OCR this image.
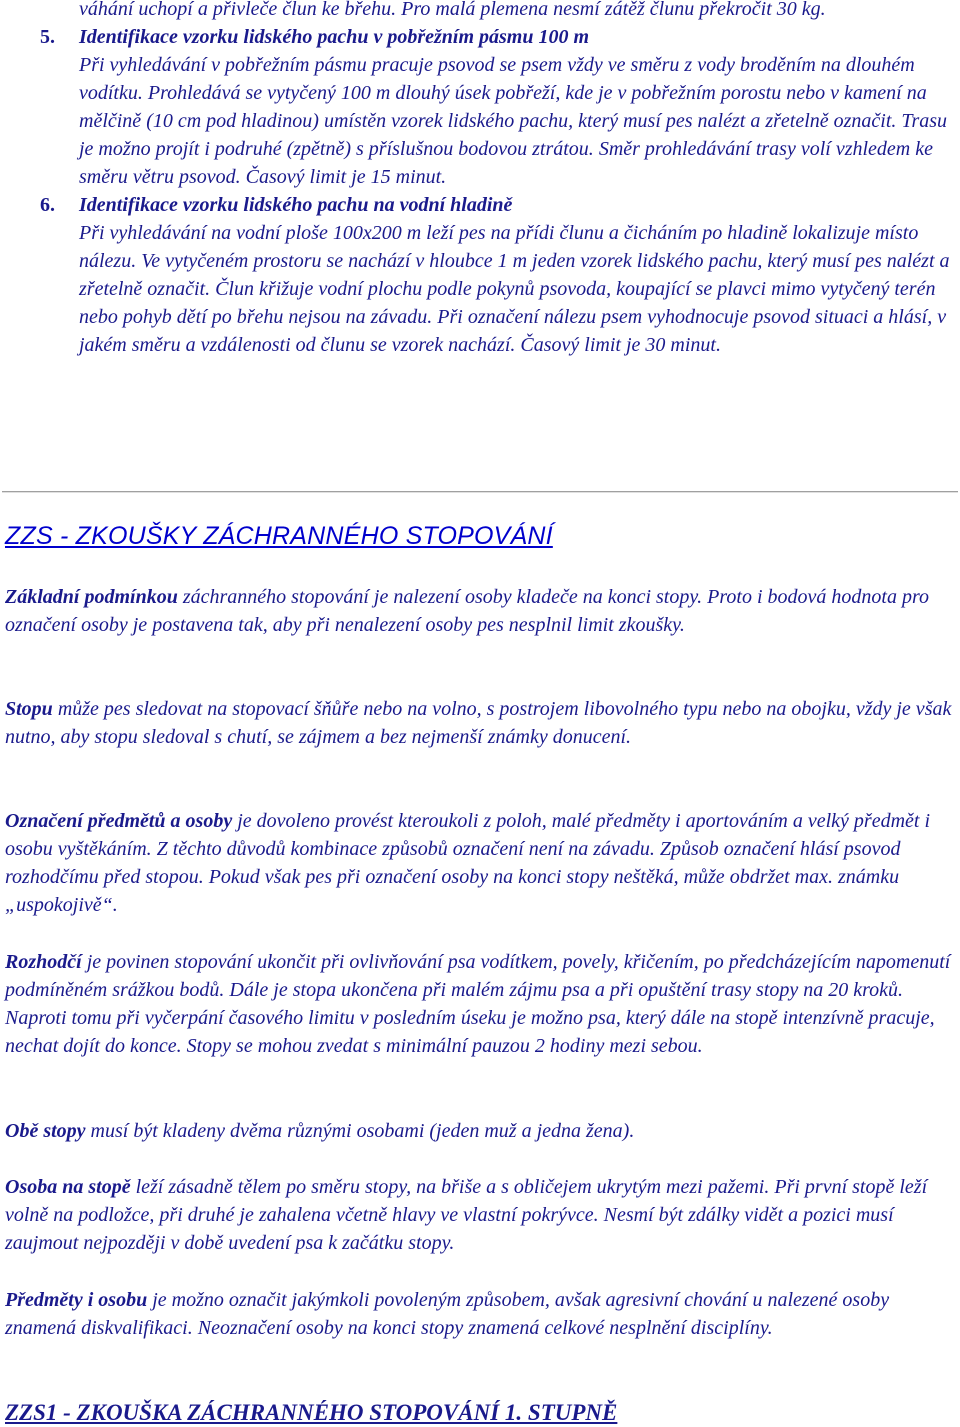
váhání uchopí a přivleče člun ke břehu. Pro malá plemena nesmí zátěž člunu překročit 30 kg.
5. Identifikace vzorku lidského pachu v pobřežním pásmu 100 m
Při vyhledávání v pobřežním pásmu pracuje psovod se psem vždy ve směru z vody broděním na dlouhém vodítku. Prohledává se vytyčený 100 m dlouhý úsek pobřeží, kde je v pobřežním porostu nebo v kamení na mělčině (10 cm pod hladinou) umístěn vzorek lidského pachu, který musí pes nalézt a zřetelně označit. Trasu je možno projít i podruhé (zpětně) s příslušnou bodovou ztrátou. Směr prohledávání trasy volí vzhledem ke směru větru psovod. Časový limit je 15 minut.
6. Identifikace vzorku lidského pachu na vodní hladině
Při vyhledávání na vodní ploše 100x200 m leží pes na přídi člunu a čicháním po hladině lokalizuje místo nálezu. Ve vytyčeném prostoru se nachází v hloubce 1 m jeden vzorek lidského pachu, který musí pes nalézt a zřetelně označit. Člun křižuje vodní plochu podle pokynů psovoda, koupající se plavci mimo vytyčený terén nebo pohyb dětí po břehu nejsou na závadu. Při označení nálezu psem vyhodnocuje psovod situaci a hlásí, v jakém směru a vzdálenosti od člunu se vzorek nachází. Časový limit je 30 minut.
ZZS - ZKOUŠKY ZÁCHRANNÉHO STOPOVÁNÍ
Základní podmínkou záchranného stopování je nalezení osoby kladeče na konci stopy. Proto i bodová hodnota pro označení osoby je postavena tak, aby při nenalezení osoby pes nesplnil limit zkoušky.
Stopu může pes sledovat na stopovací šňůře nebo na volno, s postrojem libovolného typu nebo na obojku, vždy je však nutno, aby stopu sledoval s chutí, se zájmem a bez nejmenší známky donucení.
Označení předmětů a osoby je dovoleno provést kteroukoli z poloh, malé předměty i aportováním a velký předmět i osobu vyštěkáním. Z těchto důvodů kombinace způsobů označení není na závadu. Způsob označení hlásí psovod rozhodčímu před stopou. Pokud však pes při označení osoby na konci stopy neštěká, může obdržet max. známku „uspokojivě“.
Rozhodčí je povinen stopování ukončit při ovlivňování psa vodítkem, povely, křičením, po předcházejícím napomenutí podmíněném srážkou bodů. Dále je stopa ukončena při malém zájmu psa a při opuštění trasy stopy na 20 kroků. Naproti tomu při vyčerpání časového limitu v posledním úseku je možno psa, který dále na stopě intenzívně pracuje, nechat dojít do konce. Stopy se mohou zvedat s minimální pauzou 2 hodiny mezi sebou.
Obě stopy musí být kladeny dvěma různými osobami (jeden muž a jedna žena).
Osoba na stopě leží zásadně tělem po směru stopy, na břiše a s obličejem ukrytým mezi pažemi. Při první stopě leží volně na podložce, při druhé je zahalena včetně hlavy ve vlastní pokrývce. Nesmí být zdálky vidět a pozici musí zaujmout nejpozději v době uvedení psa k začátku stopy.
Předměty i osobu je možno označit jakýmkoli povoleným způsobem, avšak agresivní chování u nalezené osoby znamená diskvalifikaci. Neoznačení osoby na konci stopy znamená celkové nesplnění disciplíny.
ZZS1 - ZKOUŠKA ZÁCHRANNÉHO STOPOVÁNÍ 1. STUPNĚ
